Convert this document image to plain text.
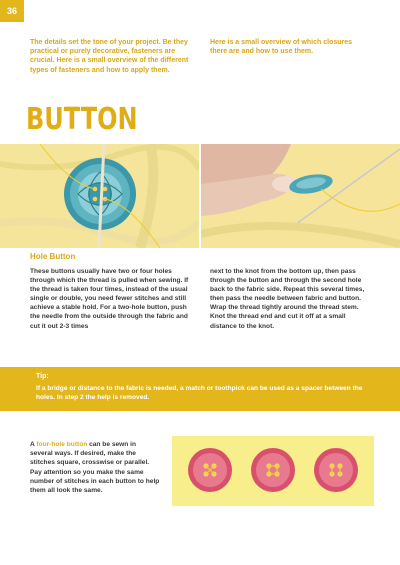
36
The details set the tone of your project. Be they practical or purely decorative, fasteners are crucial. Here is a small overview of the different types of fasteners and how to apply them.
Here is a small overview of which closures there are and how to use them.
BUTTON
Hole Button
These buttons usually have two or four holes through which the thread is pulled when sewing. If the thread is taken four times, instead of the usual single or double, you need fewer stitches and still achieve a stable hold. For a two-hole button, push the needle from the outside through the fabric and cut it out 2-3 times
next to the knot from the bottom up, then pass through the button and through the second hole back to the fabric side. Repeat this several times, then pass the needle between fabric and button. Wrap the thread tightly around the thread stem. Knot the thread end and cut it off at a small distance to the knot.
Tip:
If a bridge or distance to the fabric is needed, a match or toothpick can be used as a spacer between the holes. In step 2 the help is removed.
A four-hole button can be sewn in several ways. If desired, make the stitches square, crosswise or parallel. Pay attention so you make the same number of stitches in each button to help them all look the same.
